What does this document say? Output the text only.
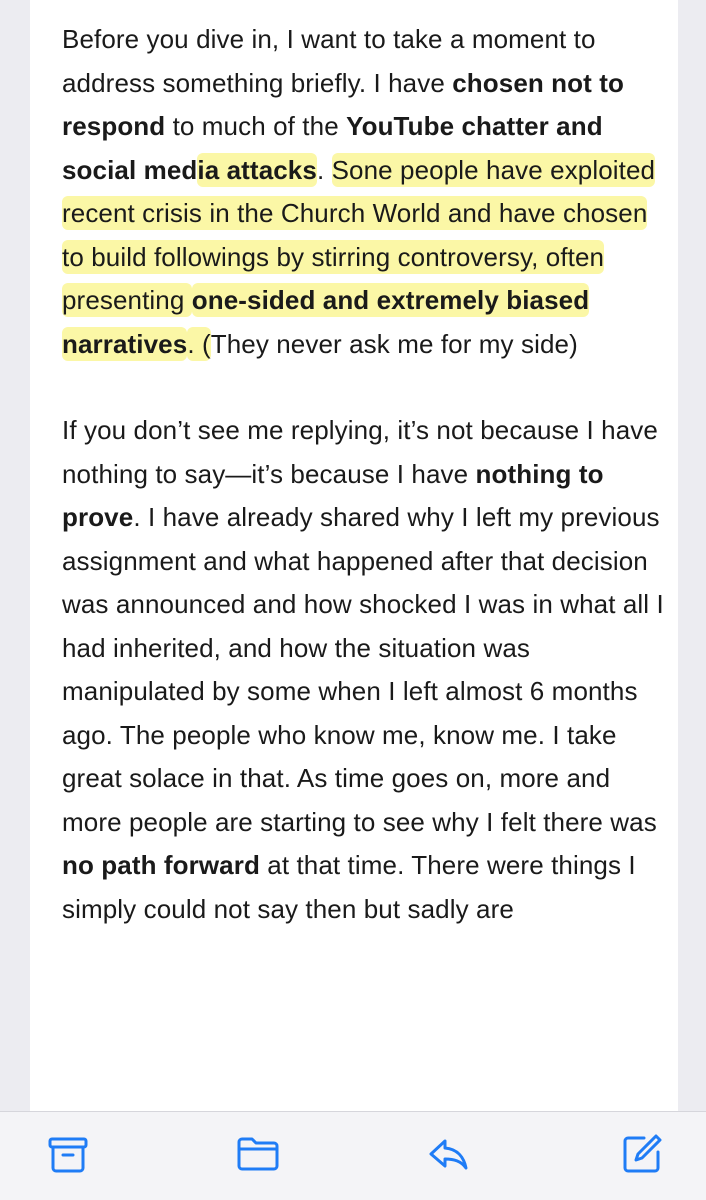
Before you dive in, I want to take a moment to address something briefly. I have chosen not to respond to much of the YouTube chatter and social media attacks. Sone people have exploited recent crisis in the Church World and have chosen to build followings by stirring controversy, often presenting one-sided and extremely biased narratives. (They never ask me for my side)

If you don’t see me replying, it’s not because I have nothing to say—it’s because I have nothing to prove. I have already shared why I left my previous assignment and what happened after that decision was announced and how shocked I was in what all I had inherited, and how the situation was manipulated by some when I left almost 6 months ago. The people who know me, know me. I take great solace in that. As time goes on, more and more people are starting to see why I felt there was no path forward at that time. There were things I simply could not say then but sadly are
